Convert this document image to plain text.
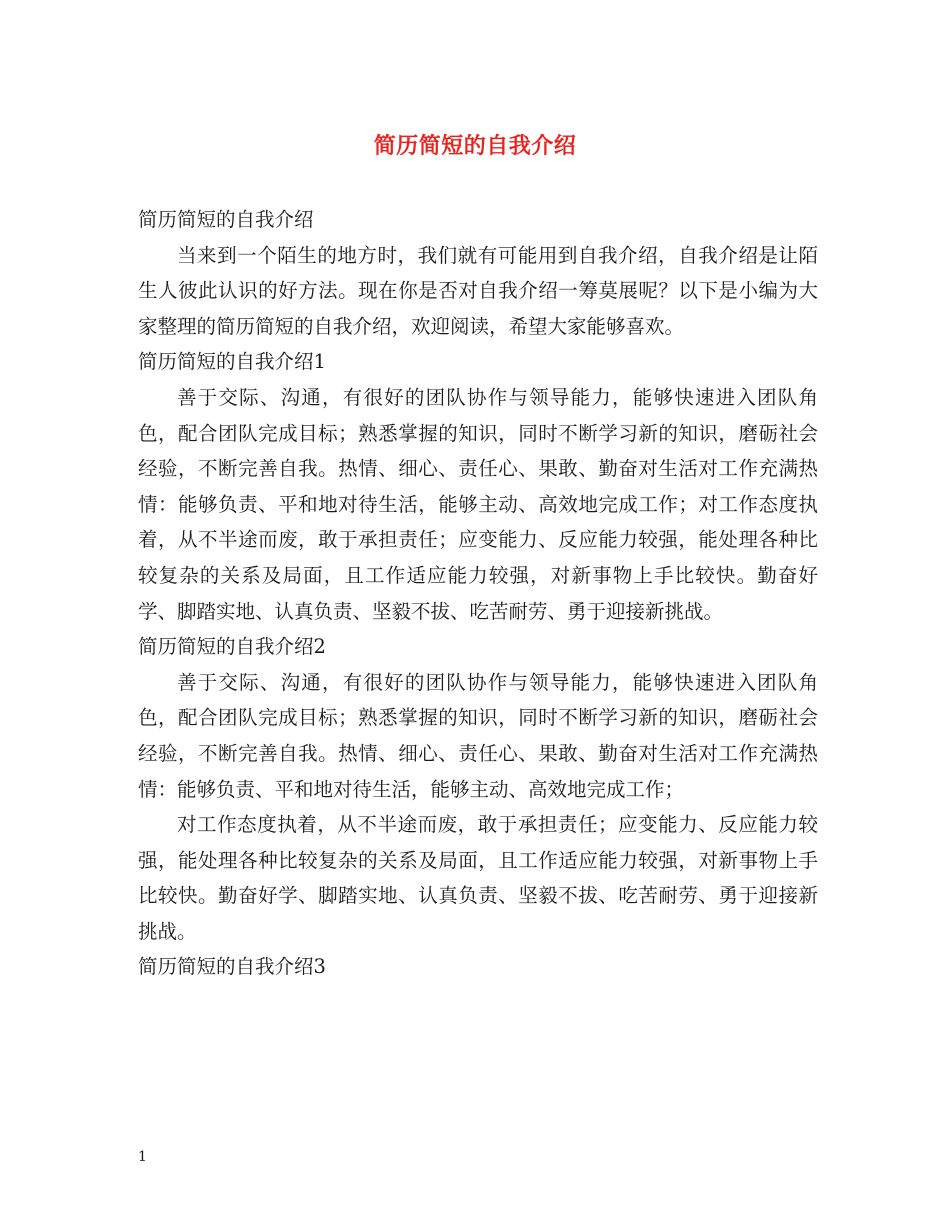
简历简短的自我介绍

简历简短的自我介绍

当来到一个陌生的地方时，我们就有可能用到自我介绍，自我介绍是让陌生人彼此认识的好方法。现在你是否对自我介绍一筹莫展呢？以下是小编为大家整理的简历简短的自我介绍，欢迎阅读，希望大家能够喜欢。

简历简短的自我介绍1

善于交际、沟通，有很好的团队协作与领导能力，能够快速进入团队角色，配合团队完成目标；熟悉掌握的知识，同时不断学习新的知识，磨砺社会经验，不断完善自我。热情、细心、责任心、果敢、勤奋对生活对工作充满热情：能够负责、平和地对待生活，能够主动、高效地完成工作；对工作态度执着，从不半途而废，敢于承担责任；应变能力、反应能力较强，能处理各种比较复杂的关系及局面，且工作适应能力较强，对新事物上手比较快。勤奋好学、脚踏实地、认真负责、坚毅不拔、吃苦耐劳、勇于迎接新挑战。

简历简短的自我介绍2

善于交际、沟通，有很好的团队协作与领导能力，能够快速进入团队角色，配合团队完成目标；熟悉掌握的知识，同时不断学习新的知识，磨砺社会经验，不断完善自我。热情、细心、责任心、果敢、勤奋对生活对工作充满热情：能够负责、平和地对待生活，能够主动、高效地完成工作；

对工作态度执着，从不半途而废，敢于承担责任；应变能力、反应能力较强，能处理各种比较复杂的关系及局面，且工作适应能力较强，对新事物上手比较快。勤奋好学、脚踏实地、认真负责、坚毅不拔、吃苦耐劳、勇于迎接新挑战。

简历简短的自我介绍3

1
